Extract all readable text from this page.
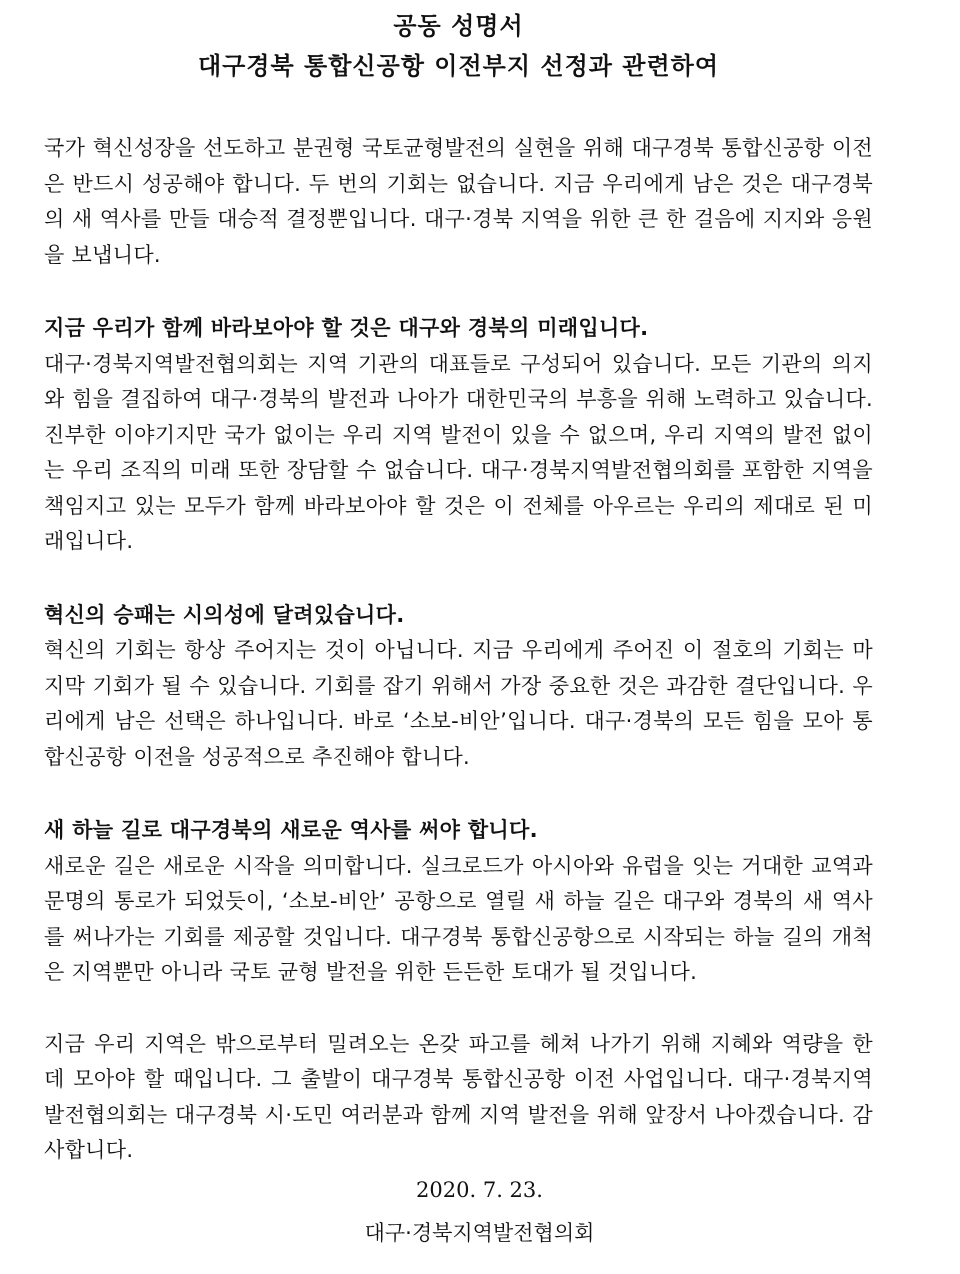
공동 성명서
대구경북 통합신공항 이전부지 선정과 관련하여

국가 혁신성장을 선도하고 분권형 국토균형발전의 실현을 위해 대구경북 통합신공항 이전은 반드시 성공해야 합니다. 두 번의 기회는 없습니다. 지금 우리에게 남은 것은 대구경북의 새 역사를 만들 대승적 결정뿐입니다. 대구·경북 지역을 위한 큰 한 걸음에 지지와 응원을 보냅니다.

지금 우리가 함께 바라보아야 할 것은 대구와 경북의 미래입니다.

대구·경북지역발전협의회는 지역 기관의 대표들로 구성되어 있습니다. 모든 기관의 의지와 힘을 결집하여 대구·경북의 발전과 나아가 대한민국의 부흥을 위해 노력하고 있습니다. 진부한 이야기지만 국가 없이는 우리 지역 발전이 있을 수 없으며, 우리 지역의 발전 없이는 우리 조직의 미래 또한 장담할 수 없습니다. 대구·경북지역발전협의회를 포함한 지역을 책임지고 있는 모두가 함께 바라보아야 할 것은 이 전체를 아우르는 우리의 제대로 된 미래입니다.

혁신의 승패는 시의성에 달려있습니다.

혁신의 기회는 항상 주어지는 것이 아닙니다. 지금 우리에게 주어진 이 절호의 기회는 마지막 기회가 될 수 있습니다. 기회를 잡기 위해서 가장 중요한 것은 과감한 결단입니다. 우리에게 남은 선택은 하나입니다. 바로 ‘소보-비안’입니다. 대구·경북의 모든 힘을 모아 통합신공항 이전을 성공적으로 추진해야 합니다.

새 하늘 길로 대구경북의 새로운 역사를 써야 합니다.

새로운 길은 새로운 시작을 의미합니다. 실크로드가 아시아와 유럽을 잇는 거대한 교역과 문명의 통로가 되었듯이, ‘소보-비안’ 공항으로 열릴 새 하늘 길은 대구와 경북의 새 역사를 써나가는 기회를 제공할 것입니다. 대구경북 통합신공항으로 시작되는 하늘 길의 개척은 지역뿐만 아니라 국토 균형 발전을 위한 든든한 토대가 될 것입니다.

지금 우리 지역은 밖으로부터 밀려오는 온갖 파고를 헤쳐 나가기 위해 지혜와 역량을 한 데 모아야 할 때입니다. 그 출발이 대구경북 통합신공항 이전 사업입니다. 대구·경북지역발전협의회는 대구경북 시·도민 여러분과 함께 지역 발전을 위해 앞장서 나아겠습니다. 감사합니다.

2020. 7. 23.

대구·경북지역발전협의회
